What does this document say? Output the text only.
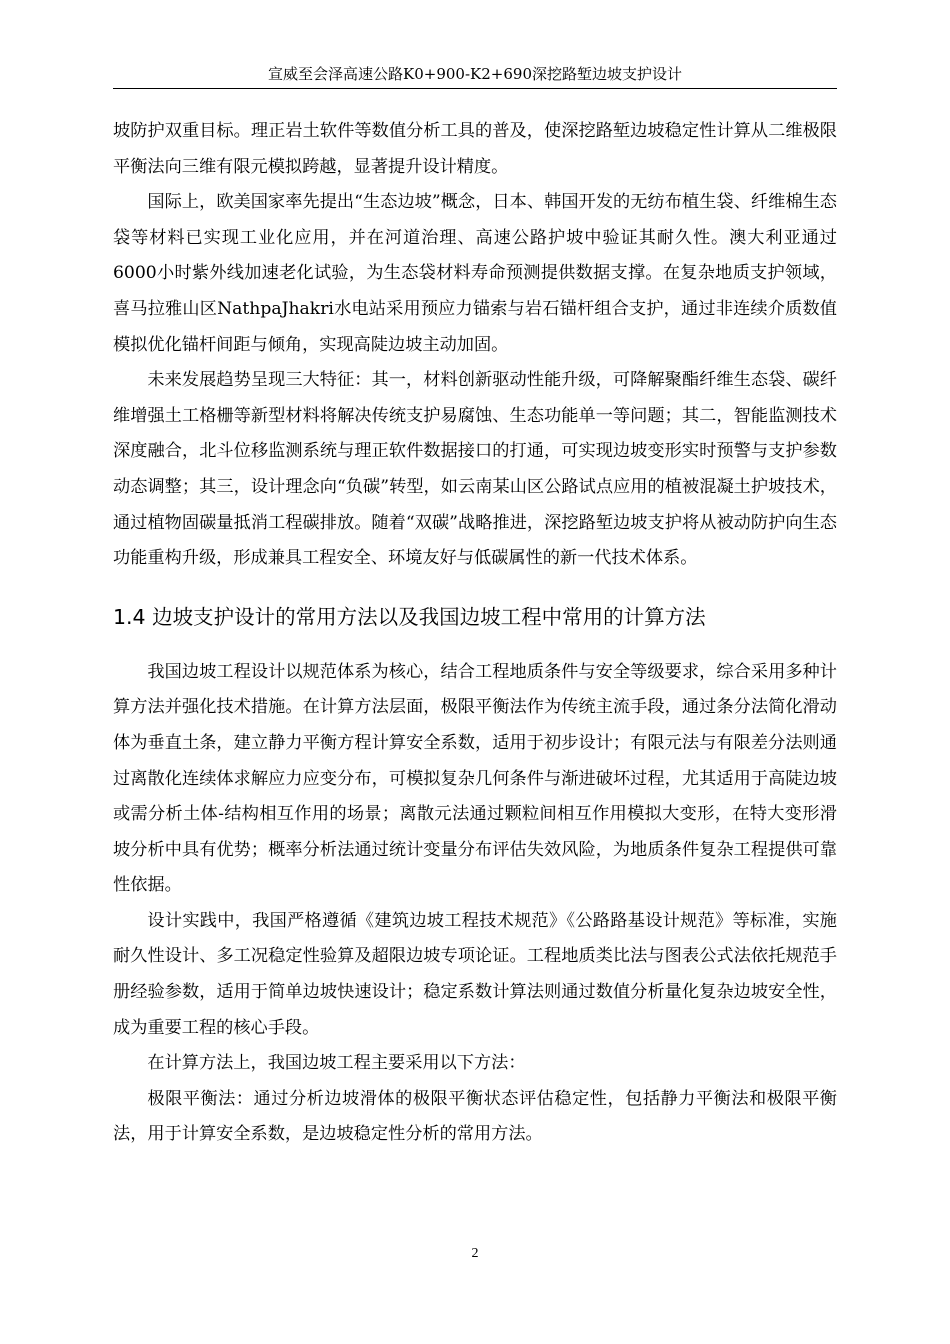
宣威至会泽高速公路K0+900-K2+690深挖路堑边坡支护设计

坡防护双重目标。理正岩土软件等数值分析工具的普及，使深挖路堑边坡稳定性计算从二维极限平衡法向三维有限元模拟跨越，显著提升设计精度。

国际上，欧美国家率先提出“生态边坡”概念，日本、韩国开发的无纺布植生袋、纤维棉生态袋等材料已实现工业化应用，并在河道治理、高速公路护坡中验证其耐久性。澳大利亚通过6000小时紫外线加速老化试验，为生态袋材料寿命预测提供数据支撑。在复杂地质支护领域，喜马拉雅山区NathpaJhakri水电站采用预应力锚索与岩石锚杆组合支护，通过非连续介质数值模拟优化锚杆间距与倾角，实现高陡边坡主动加固。

未来发展趋势呈现三大特征：其一，材料创新驱动性能升级，可降解聚酯纤维生态袋、碳纤维增强土工格栅等新型材料将解决传统支护易腐蚀、生态功能单一等问题；其二，智能监测技术深度融合，北斗位移监测系统与理正软件数据接口的打通，可实现边坡变形实时预警与支护参数动态调整；其三，设计理念向“负碳”转型，如云南某山区公路试点应用的植被混凝土护坡技术，通过植物固碳量抵消工程碳排放。随着“双碳”战略推进，深挖路堑边坡支护将从被动防护向生态功能重构升级，形成兼具工程安全、环境友好与低碳属性的新一代技术体系。

1.4 边坡支护设计的常用方法以及我国边坡工程中常用的计算方法

我国边坡工程设计以规范体系为核心，结合工程地质条件与安全等级要求，综合采用多种计算方法并强化技术措施。在计算方法层面，极限平衡法作为传统主流手段，通过条分法简化滑动体为垂直土条，建立静力平衡方程计算安全系数，适用于初步设计；有限元法与有限差分法则通过离散化连续体求解应力应变分布，可模拟复杂几何条件与渐进破坏过程，尤其适用于高陡边坡或需分析土体-结构相互作用的场景；离散元法通过颗粒间相互作用模拟大变形，在特大变形滑坡分析中具有优势；概率分析法通过统计变量分布评估失效风险，为地质条件复杂工程提供可靠性依据。

设计实践中，我国严格遵循《建筑边坡工程技术规范》《公路路基设计规范》等标准，实施耐久性设计、多工况稳定性验算及超限边坡专项论证。工程地质类比法与图表公式法依托规范手册经验参数，适用于简单边坡快速设计；稳定系数计算法则通过数值分析量化复杂边坡安全性，成为重要工程的核心手段。

在计算方法上，我国边坡工程主要采用以下方法：

极限平衡法：通过分析边坡滑体的极限平衡状态评估稳定性，包括静力平衡法和极限平衡法，用于计算安全系数，是边坡稳定性分析的常用方法。

2
